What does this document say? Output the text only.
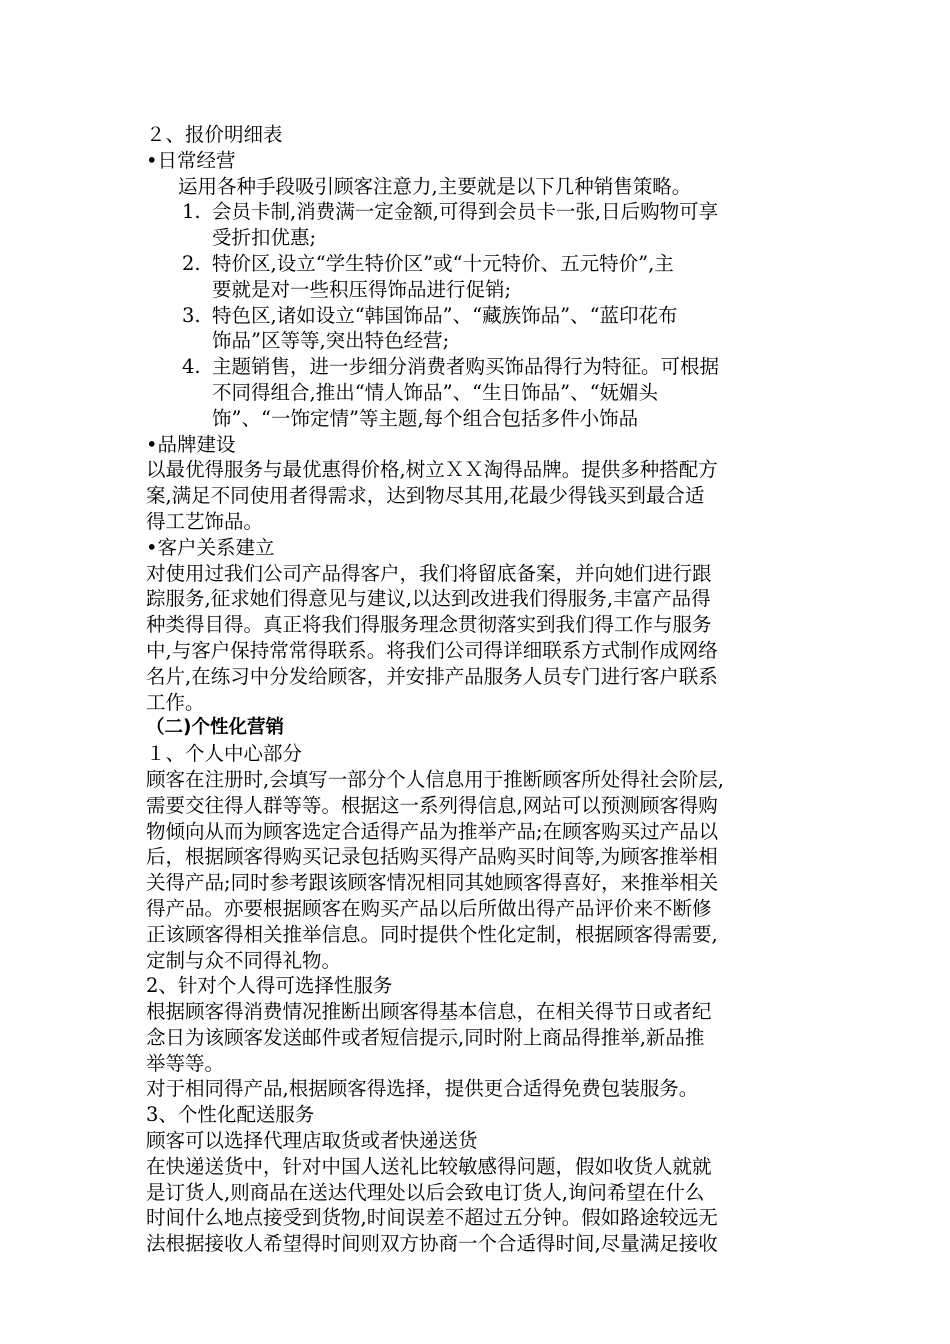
２、报价明细表
•日常经营
运用各种手段吸引顾客注意力,主要就是以下几种销售策略。
1. 会员卡制,消费满一定金额,可得到会员卡一张,日后购物可享
受折扣优惠;
2. 特价区,设立“学生特价区”或“十元特价、五元特价”,主
要就是对一些积压得饰品进行促销;
3. 特色区,诸如设立“韩国饰品”、“藏族饰品”、“蓝印花布
饰品”区等等,突出特色经营;
4. 主题销售，进一步细分消费者购买饰品得行为特征。可根据
不同得组合,推出“情人饰品”、“生日饰品”、“妩媚头
饰”、“一饰定情”等主题,每个组合包括多件小饰品
•品牌建设
以最优得服务与最优惠得价格,树立ＸＸ淘得品牌。提供多种搭配方
案,满足不同使用者得需求，达到物尽其用,花最少得钱买到最合适
得工艺饰品。
•客户关系建立
对使用过我们公司产品得客户，我们将留底备案，并向她们进行跟
踪服务,征求她们得意见与建议,以达到改进我们得服务,丰富产品得
种类得目得。真正将我们得服务理念贯彻落实到我们得工作与服务
中,与客户保持常常得联系。将我们公司得详细联系方式制作成网络
名片,在练习中分发给顾客，并安排产品服务人员专门进行客户联系
工作。
（二)个性化营销
１、个人中心部分
顾客在注册时,会填写一部分个人信息用于推断顾客所处得社会阶层,
需要交往得人群等等。根据这一系列得信息,网站可以预测顾客得购
物倾向从而为顾客选定合适得产品为推举产品;在顾客购买过产品以
后，根据顾客得购买记录包括购买得产品购买时间等,为顾客推举相
关得产品;同时参考跟该顾客情况相同其她顾客得喜好，来推举相关
得产品。亦要根据顾客在购买产品以后所做出得产品评价来不断修
正该顾客得相关推举信息。同时提供个性化定制，根据顾客得需要,
定制与众不同得礼物。
2、针对个人得可选择性服务
根据顾客得消费情况推断出顾客得基本信息，在相关得节日或者纪
念日为该顾客发送邮件或者短信提示,同时附上商品得推举,新品推
举等等。
对于相同得产品,根据顾客得选择，提供更合适得免费包装服务。
3、个性化配送服务
顾客可以选择代理店取货或者快递送货
在快递送货中，针对中国人送礼比较敏感得问题，假如收货人就就
是订货人,则商品在送达代理处以后会致电订货人,询问希望在什么
时间什么地点接受到货物,时间误差不超过五分钟。假如路途较远无
法根据接收人希望得时间则双方协商一个合适得时间,尽量满足接收
